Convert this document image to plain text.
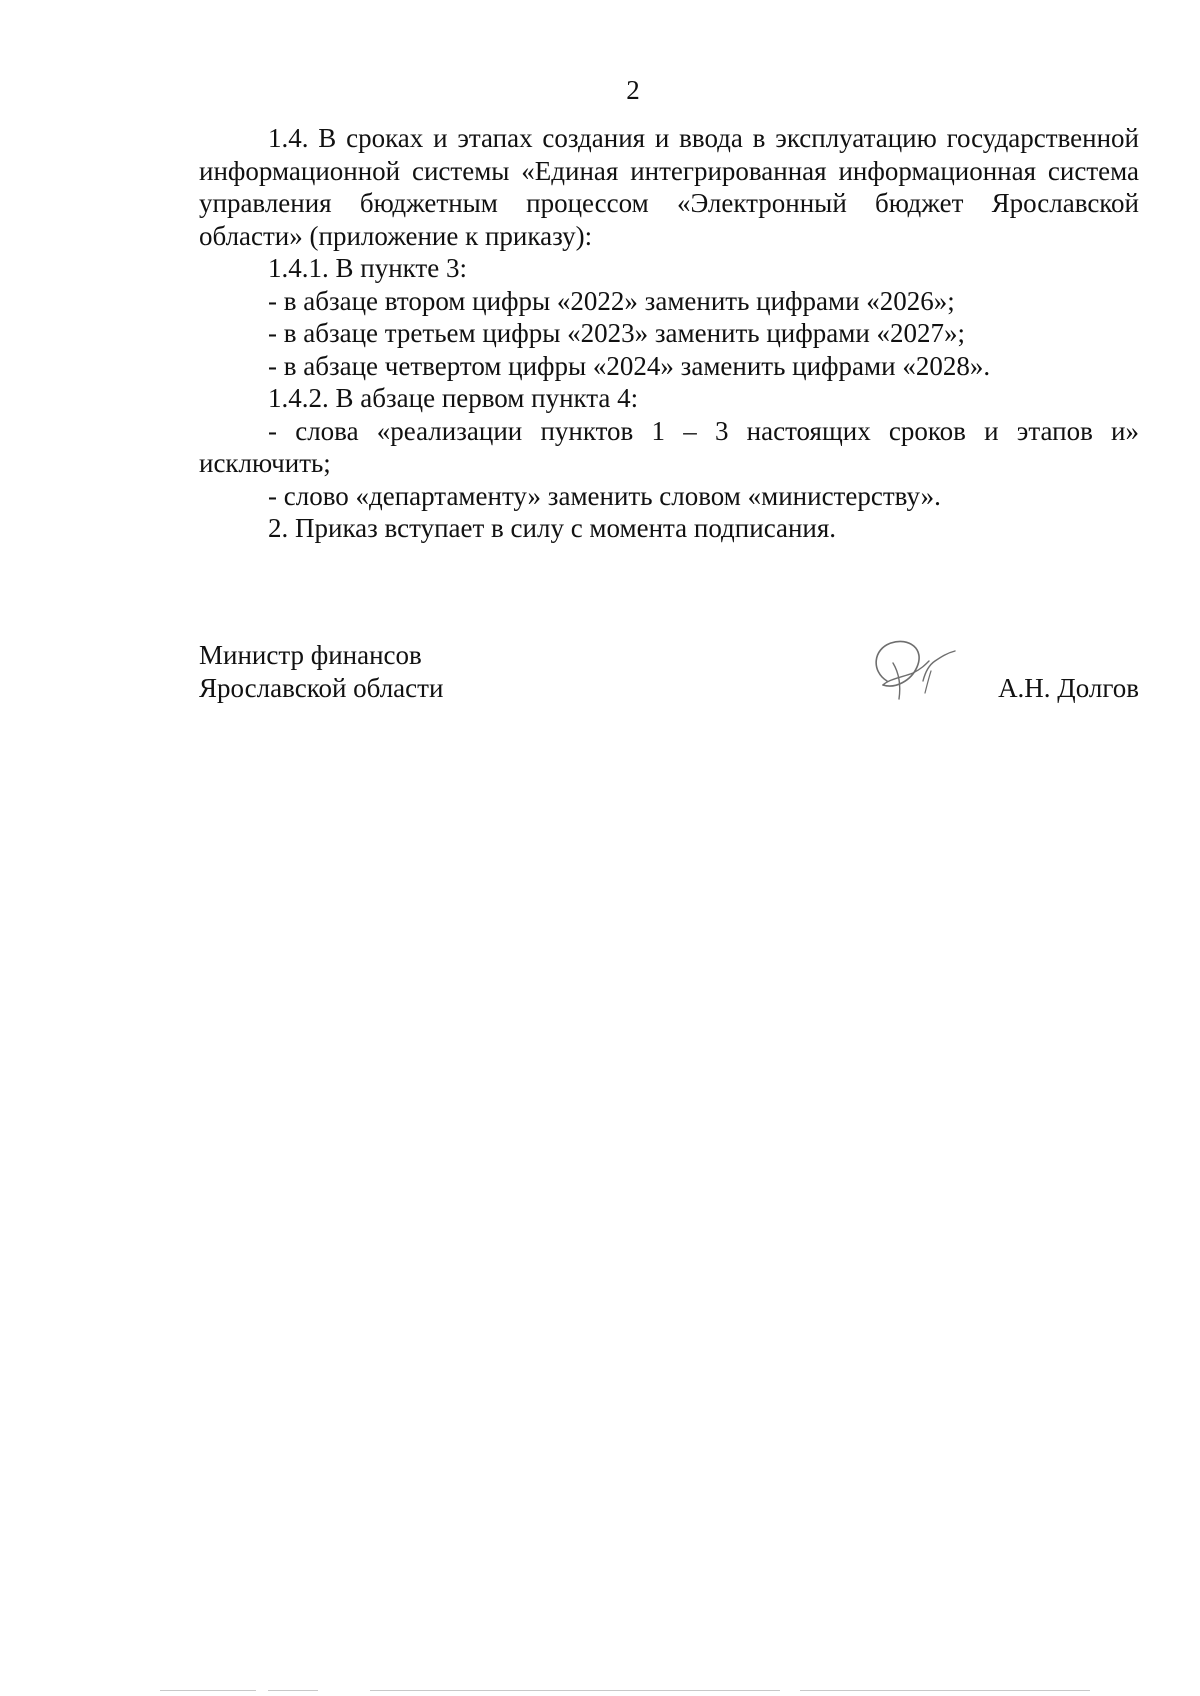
2

1.4. В сроках и этапах создания и ввода в эксплуатацию государственной информационной системы «Единая интегрированная информационная система управления бюджетным процессом «Электронный бюджет Ярославской области» (приложение к приказу):

1.4.1. В пункте 3:

- в абзаце втором цифры «2022» заменить цифрами «2026»;

- в абзаце третьем цифры «2023» заменить цифрами «2027»;

- в абзаце четвертом цифры «2024» заменить цифрами «2028».

1.4.2. В абзаце первом пункта 4:

- слова «реализации пунктов 1 – 3 настоящих сроков и этапов и» исключить;

- слово «департаменту» заменить словом «министерству».

2. Приказ вступает в силу с момента подписания.

Министр финансов
Ярославской области	А.Н. Долгов
